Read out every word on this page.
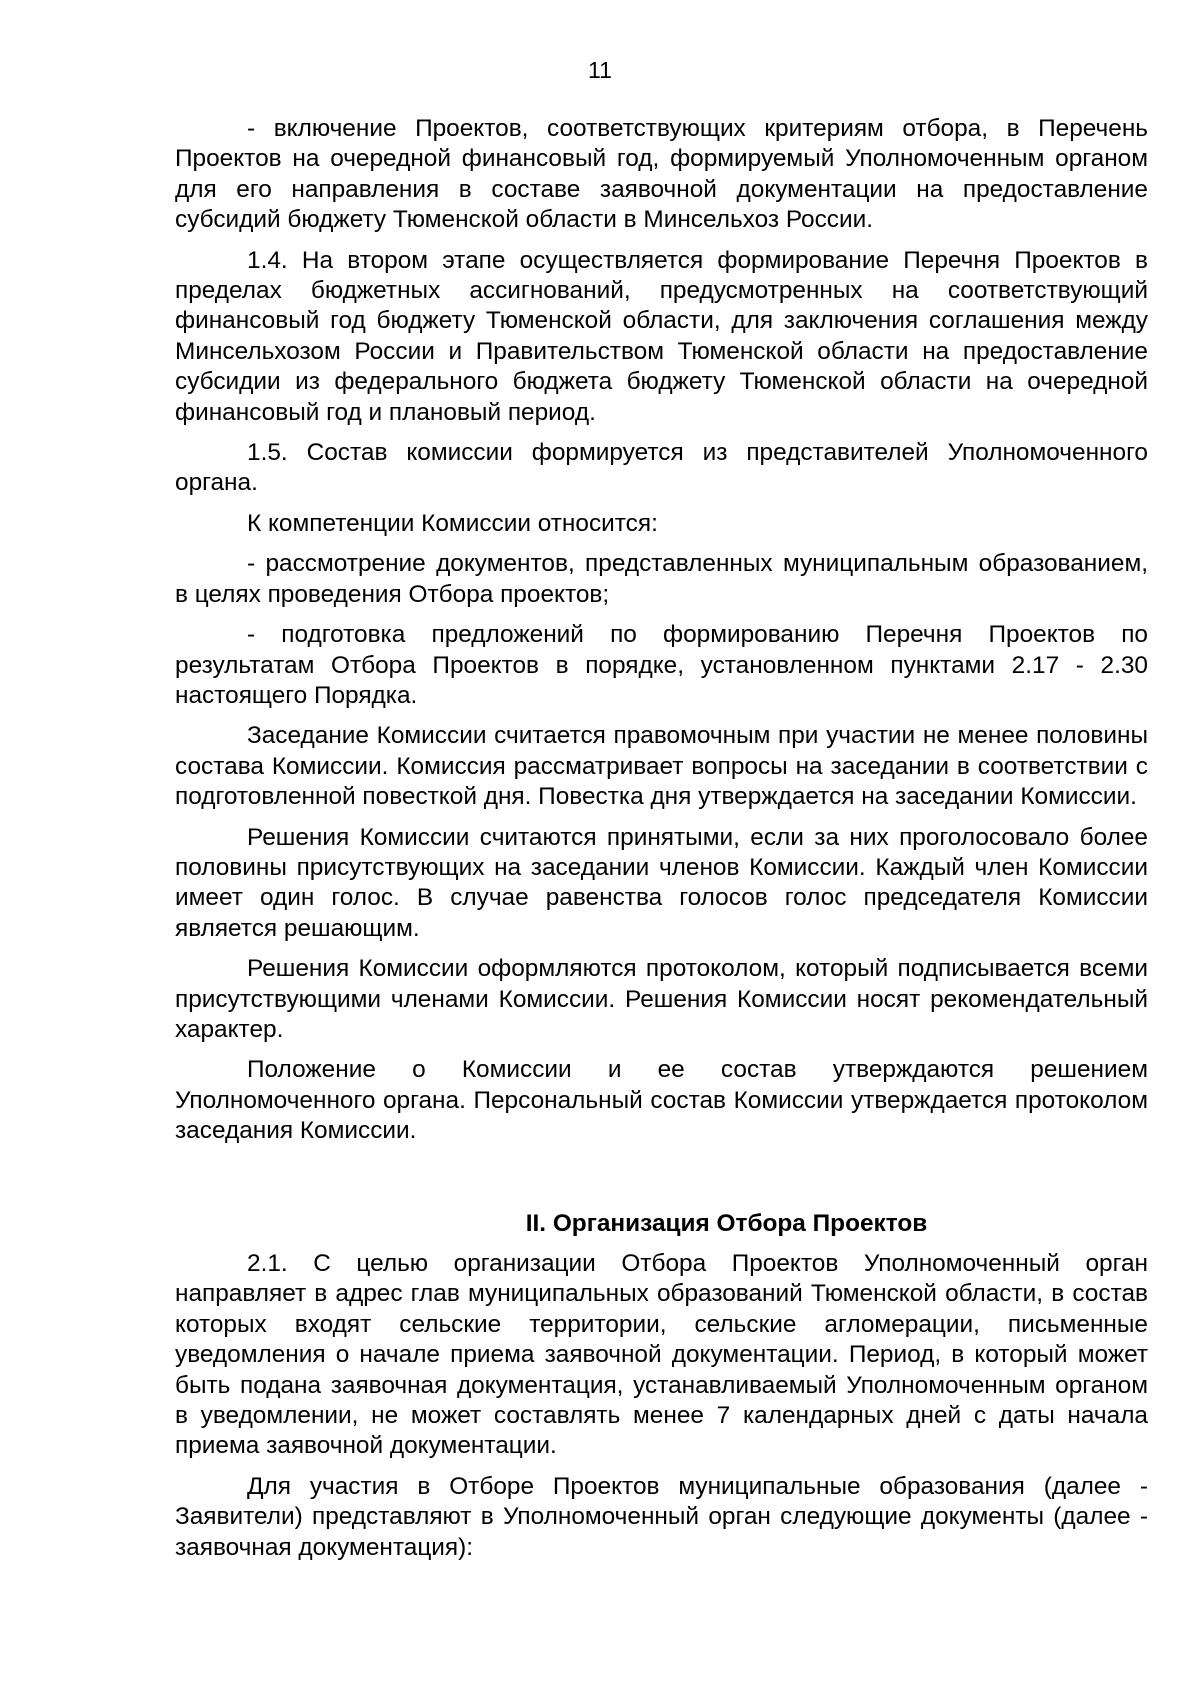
11

- включение Проектов, соответствующих критериям отбора, в Перечень Проектов на очередной финансовый год, формируемый Уполномоченным органом для его направления в составе заявочной документации на предоставление субсидий бюджету Тюменской области в Минсельхоз России.

1.4. На втором этапе осуществляется формирование Перечня Проектов в пределах бюджетных ассигнований, предусмотренных на соответствующий финансовый год бюджету Тюменской области, для заключения соглашения между Минсельхозом России и Правительством Тюменской области на предоставление субсидии из федерального бюджета бюджету Тюменской области на очередной финансовый год и плановый период.

1.5. Состав комиссии формируется из представителей Уполномоченного органа.

К компетенции Комиссии относится:

- рассмотрение документов, представленных муниципальным образованием, в целях проведения Отбора проектов;

- подготовка предложений по формированию Перечня Проектов по результатам Отбора Проектов в порядке, установленном пунктами 2.17 - 2.30 настоящего Порядка.

Заседание Комиссии считается правомочным при участии не менее половины состава Комиссии. Комиссия рассматривает вопросы на заседании в соответствии с подготовленной повесткой дня. Повестка дня утверждается на заседании Комиссии.

Решения Комиссии считаются принятыми, если за них проголосовало более половины присутствующих на заседании членов Комиссии. Каждый член Комиссии имеет один голос. В случае равенства голосов голос председателя Комиссии является решающим.

Решения Комиссии оформляются протоколом, который подписывается всеми присутствующими членами Комиссии. Решения Комиссии носят рекомендательный характер.

Положение о Комиссии и ее состав утверждаются решением Уполномоченного органа. Персональный состав Комиссии утверждается протоколом заседания Комиссии.

II. Организация Отбора Проектов

2.1. С целью организации Отбора Проектов Уполномоченный орган направляет в адрес глав муниципальных образований Тюменской области, в состав которых входят сельские территории, сельские агломерации, письменные уведомления о начале приема заявочной документации. Период, в который может быть подана заявочная документация, устанавливаемый Уполномоченным органом в уведомлении, не может составлять менее 7 календарных дней с даты начала приема заявочной документации.

Для участия в Отборе Проектов муниципальные образования (далее - Заявители) представляют в Уполномоченный орган следующие документы (далее - заявочная документация):
